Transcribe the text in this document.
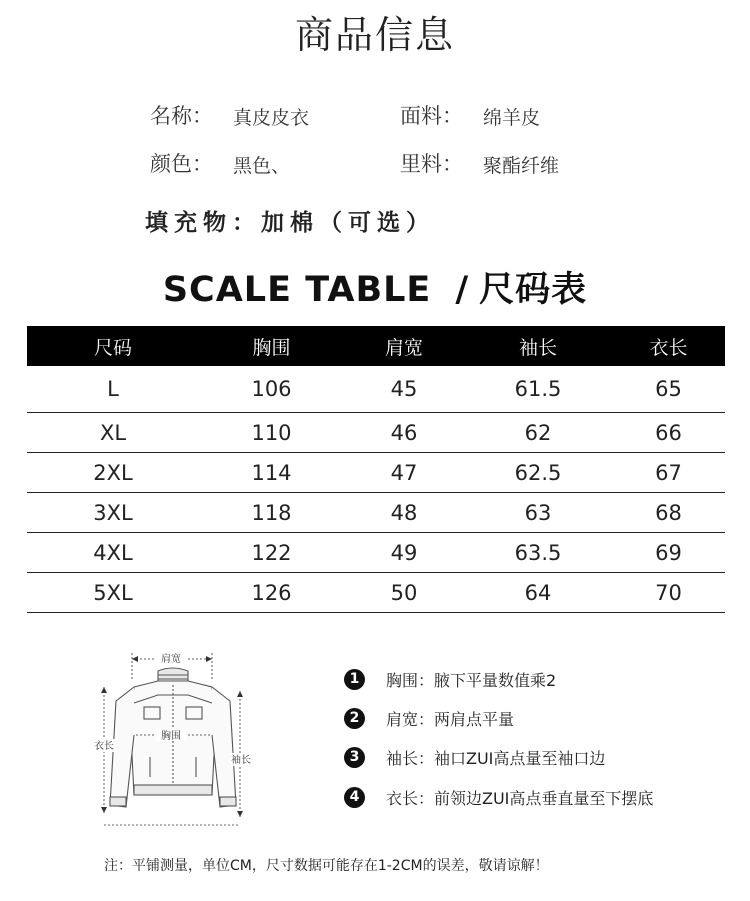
商品信息
名称： 真皮皮衣	面料： 绵羊皮
颜色： 黑色、	里料： 聚酯纤维
填充物：加棉（可选）
SCALE TABLE / 尺码表
尺码	胸围	肩宽	袖长	衣长
L	106	45	61.5	65
XL	110	46	62	66
2XL	114	47	62.5	67
3XL	118	48	63	68
4XL	122	49	63.5	69
5XL	126	50	64	70
肩宽
胸围
衣长
袖长
1	胸围：腋下平量数值乘2
2	肩宽：两肩点平量
3	袖长：袖口ZUI高点量至袖口边
4	衣长：前领边ZUI高点垂直量至下摆底
注：平铺测量，单位CM，尺寸数据可能存在1-2CM的误差，敬请谅解！
